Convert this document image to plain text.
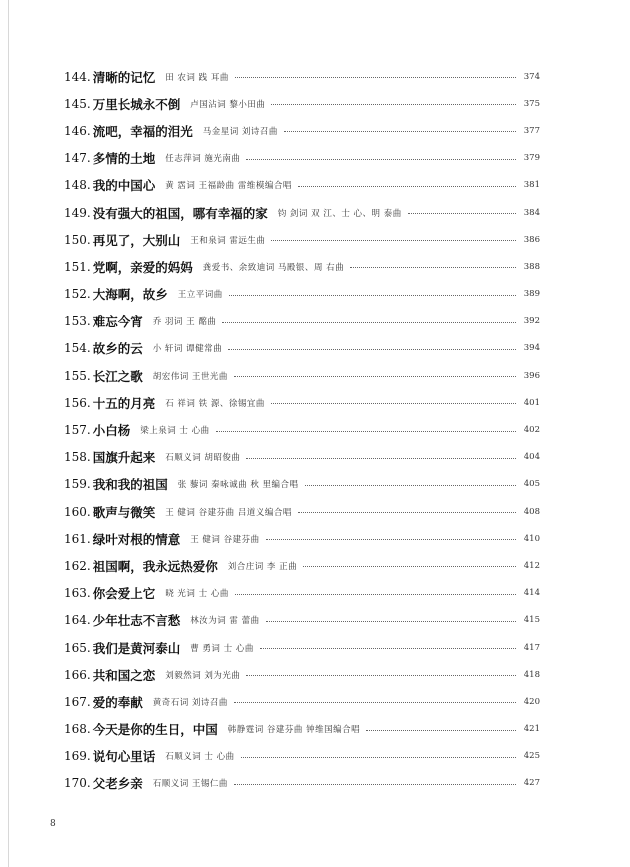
144. 清晰的记忆 田 农词 践 耳曲	374
145. 万里长城永不倒 卢国沾词 黎小田曲	375
146. 流吧，幸福的泪光 马金星词 刘诗召曲	377
147. 多情的土地 任志萍词 施光南曲	379
148. 我的中国心 黄 霑词 王福龄曲 雷维模编合唱	381
149. 没有强大的祖国，哪有幸福的家 钧 剑词 双 江、士 心、明 泰曲	384
150. 再见了，大别山 王和泉词 雷远生曲	386
151. 党啊，亲爱的妈妈 龚爱书、余致迪词 马殿银、周 右曲	388
152. 大海啊，故乡 王立平词曲	389
153. 难忘今宵 乔 羽词 王 酩曲	392
154. 故乡的云 小 轩词 谭健常曲	394
155. 长江之歌 胡宏伟词 王世光曲	396
156. 十五的月亮 石 祥词 铁 源、徐锡宜曲	401
157. 小白杨 梁上泉词 士 心曲	402
158. 国旗升起来 石顺义词 胡昭俊曲	404
159. 我和我的祖国 张 藜词 秦咏诚曲 秋 里编合唱	405
160. 歌声与微笑 王 健词 谷建芬曲 吕道义编合唱	408
161. 绿叶对根的情意 王 健词 谷建芬曲	410
162. 祖国啊，我永远热爱你 刘合庄词 李 正曲	412
163. 你会爱上它 晓 光词 士 心曲	414
164. 少年壮志不言愁 林汝为词 雷 蕾曲	415
165. 我们是黄河泰山 曹 勇词 士 心曲	417
166. 共和国之恋 刘毅然词 刘为光曲	418
167. 爱的奉献 黄奇石词 刘诗召曲	420
168. 今天是你的生日，中国 韩静霆词 谷建芬曲 钟维国编合唱	421
169. 说句心里话 石顺义词 士 心曲	425
170. 父老乡亲 石顺义词 王锡仁曲	427
8
